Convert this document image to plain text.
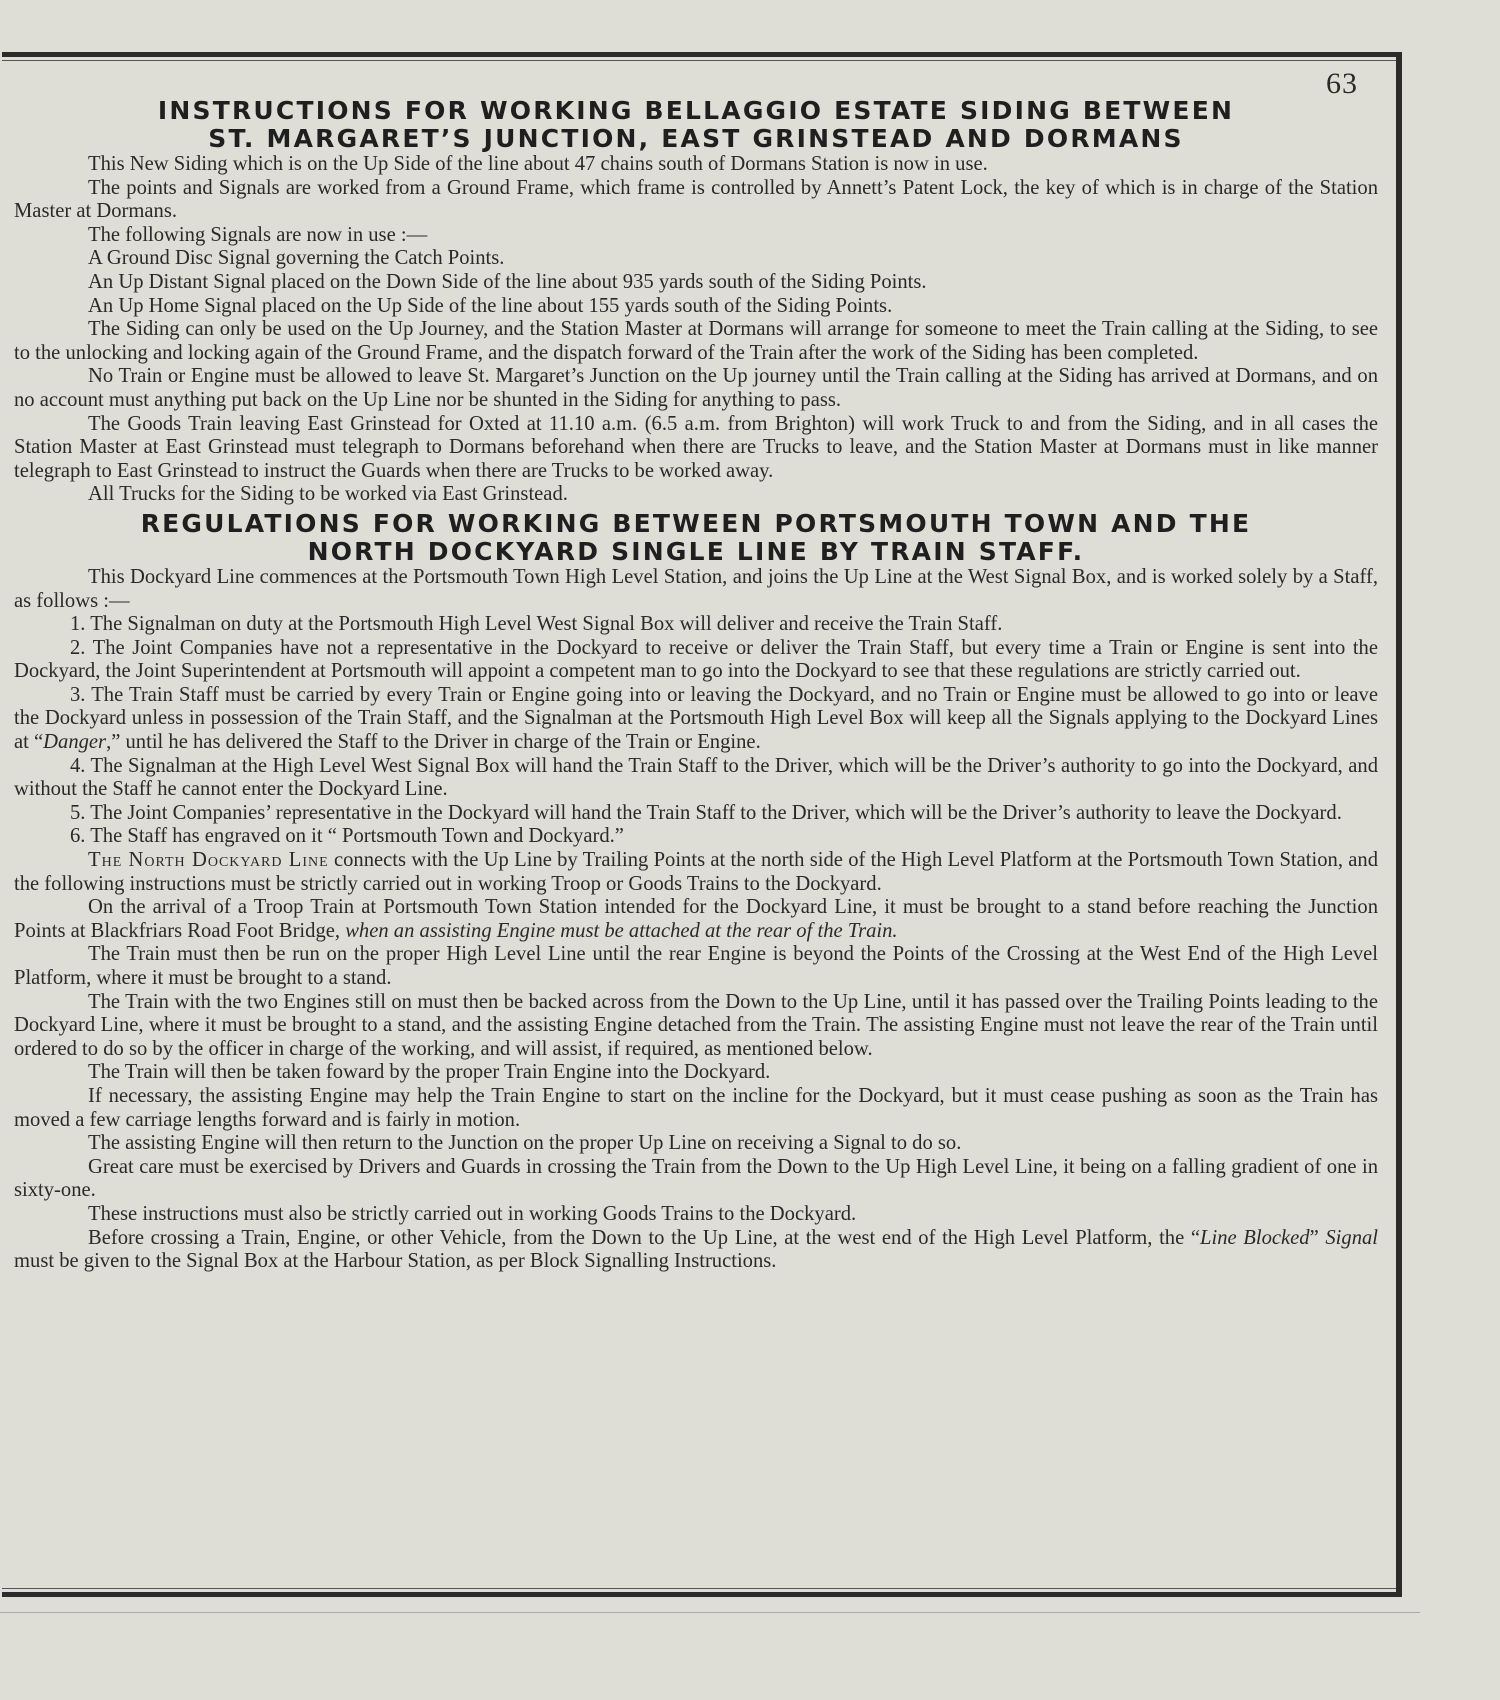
63
INSTRUCTIONS FOR WORKING BELLAGGIO ESTATE SIDING BETWEEN
ST. MARGARET’S JUNCTION, EAST GRINSTEAD AND DORMANS

This New Siding which is on the Up Side of the line about 47 chains south of Dormans Station is now in use.

The points and Signals are worked from a Ground Frame, which frame is controlled by Annett’s Patent Lock, the key of which is in charge of the Station Master at Dormans.

The following Signals are now in use :—

A Ground Disc Signal governing the Catch Points.

An Up Distant Signal placed on the Down Side of the line about 935 yards south of the Siding Points.

An Up Home Signal placed on the Up Side of the line about 155 yards south of the Siding Points.

The Siding can only be used on the Up Journey, and the Station Master at Dormans will arrange for someone to meet the Train calling at the Siding, to see to the unlocking and locking again of the Ground Frame, and the dispatch forward of the Train after the work of the Siding has been completed.

No Train or Engine must be allowed to leave St. Margaret’s Junction on the Up journey until the Train calling at the Siding has arrived at Dormans, and on no account must anything put back on the Up Line nor be shunted in the Siding for anything to pass.

The Goods Train leaving East Grinstead for Oxted at 11.10 a.m. (6.5 a.m. from Brighton) will work Truck to and from the Siding, and in all cases the Station Master at East Grinstead must telegraph to Dormans beforehand when there are Trucks to leave, and the Station Master at Dormans must in like manner telegraph to East Grinstead to instruct the Guards when there are Trucks to be worked away.

All Trucks for the Siding to be worked via East Grinstead.

REGULATIONS FOR WORKING BETWEEN PORTSMOUTH TOWN AND THE
NORTH DOCKYARD SINGLE LINE BY TRAIN STAFF.

This Dockyard Line commences at the Portsmouth Town High Level Station, and joins the Up Line at the West Signal Box, and is worked solely by a Staff, as follows :—

1. The Signalman on duty at the Portsmouth High Level West Signal Box will deliver and receive the Train Staff.

2. The Joint Companies have not a representative in the Dockyard to receive or deliver the Train Staff, but every time a Train or Engine is sent into the Dockyard, the Joint Superintendent at Portsmouth will appoint a competent man to go into the Dockyard to see that these regulations are strictly carried out.

3. The Train Staff must be carried by every Train or Engine going into or leaving the Dockyard, and no Train or Engine must be allowed to go into or leave the Dockyard unless in possession of the Train Staff, and the Signalman at the Portsmouth High Level Box will keep all the Signals applying to the Dockyard Lines at “Danger,” until he has delivered the Staff to the Driver in charge of the Train or Engine.

4. The Signalman at the High Level West Signal Box will hand the Train Staff to the Driver, which will be the Driver’s authority to go into the Dockyard, and without the Staff he cannot enter the Dockyard Line.

5. The Joint Companies’ representative in the Dockyard will hand the Train Staff to the Driver, which will be the Driver’s authority to leave the Dockyard.

6. The Staff has engraved on it “ Portsmouth Town and Dockyard.”

The North Dockyard Line connects with the Up Line by Trailing Points at the north side of the High Level Platform at the Portsmouth Town Station, and the following instructions must be strictly carried out in working Troop or Goods Trains to the Dockyard.

On the arrival of a Troop Train at Portsmouth Town Station intended for the Dockyard Line, it must be brought to a stand before reaching the Junction Points at Blackfriars Road Foot Bridge, when an assisting Engine must be attached at the rear of the Train.

The Train must then be run on the proper High Level Line until the rear Engine is beyond the Points of the Crossing at the West End of the High Level Platform, where it must be brought to a stand.

The Train with the two Engines still on must then be backed across from the Down to the Up Line, until it has passed over the Trailing Points leading to the Dockyard Line, where it must be brought to a stand, and the assisting Engine detached from the Train. The assisting Engine must not leave the rear of the Train until ordered to do so by the officer in charge of the working, and will assist, if required, as mentioned below.

The Train will then be taken foward by the proper Train Engine into the Dockyard.

If necessary, the assisting Engine may help the Train Engine to start on the incline for the Dockyard, but it must cease pushing as soon as the Train has moved a few carriage lengths forward and is fairly in motion.

The assisting Engine will then return to the Junction on the proper Up Line on receiving a Signal to do so.

Great care must be exercised by Drivers and Guards in crossing the Train from the Down to the Up High Level Line, it being on a falling gradient of one in sixty-one.

These instructions must also be strictly carried out in working Goods Trains to the Dockyard.

Before crossing a Train, Engine, or other Vehicle, from the Down to the Up Line, at the west end of the High Level Platform, the “Line Blocked” Signal must be given to the Signal Box at the Harbour Station, as per Block Signalling Instructions.
